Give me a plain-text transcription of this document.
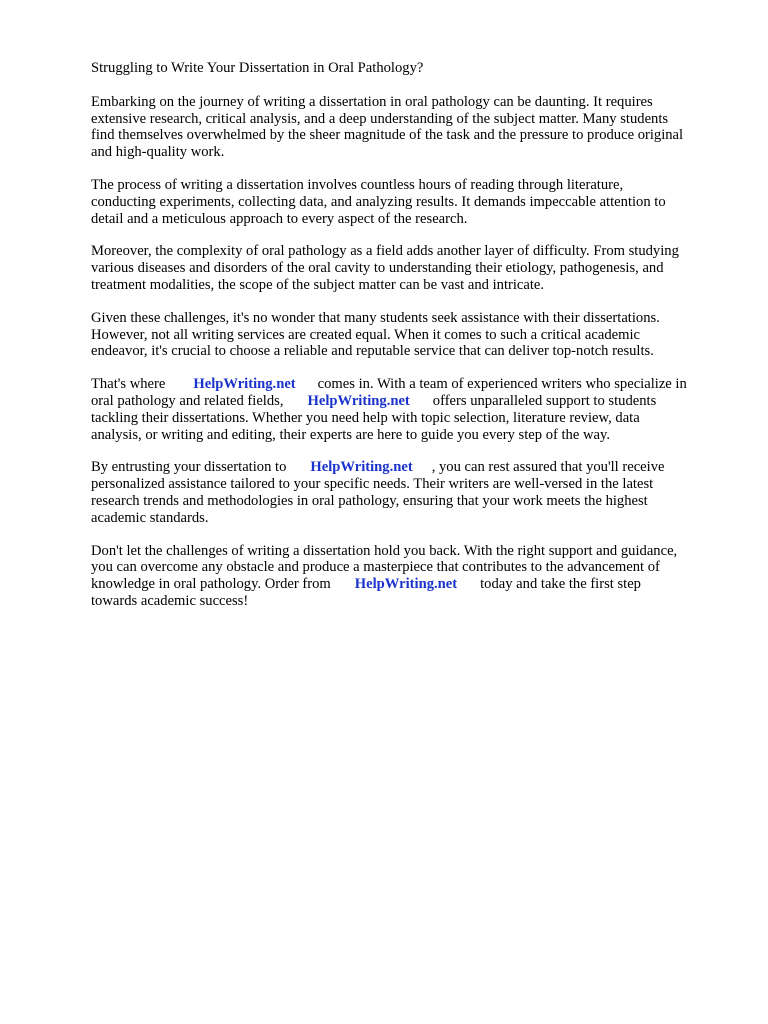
Struggling to Write Your Dissertation in Oral Pathology?
Embarking on the journey of writing a dissertation in oral pathology can be daunting. It requires
extensive research, critical analysis, and a deep understanding of the subject matter. Many students
find themselves overwhelmed by the sheer magnitude of the task and the pressure to produce original
and high-quality work.
The process of writing a dissertation involves countless hours of reading through literature,
conducting experiments, collecting data, and analyzing results. It demands impeccable attention to
detail and a meticulous approach to every aspect of the research.
Moreover, the complexity of oral pathology as a field adds another layer of difficulty. From studying
various diseases and disorders of the oral cavity to understanding their etiology, pathogenesis, and
treatment modalities, the scope of the subject matter can be vast and intricate.
Given these challenges, it's no wonder that many students seek assistance with their dissertations.
However, not all writing services are created equal. When it comes to such a critical academic
endeavor, it's crucial to choose a reliable and reputable service that can deliver top-notch results.
That's where HelpWriting.net comes in. With a team of experienced writers who specialize in
oral pathology and related fields, HelpWriting.net offers unparalleled support to students
tackling their dissertations. Whether you need help with topic selection, literature review, data
analysis, or writing and editing, their experts are here to guide you every step of the way.
By entrusting your dissertation to HelpWriting.net , you can rest assured that you'll receive
personalized assistance tailored to your specific needs. Their writers are well-versed in the latest
research trends and methodologies in oral pathology, ensuring that your work meets the highest
academic standards.
Don't let the challenges of writing a dissertation hold you back. With the right support and guidance,
you can overcome any obstacle and produce a masterpiece that contributes to the advancement of
knowledge in oral pathology. Order from HelpWriting.net today and take the first step
towards academic success!
